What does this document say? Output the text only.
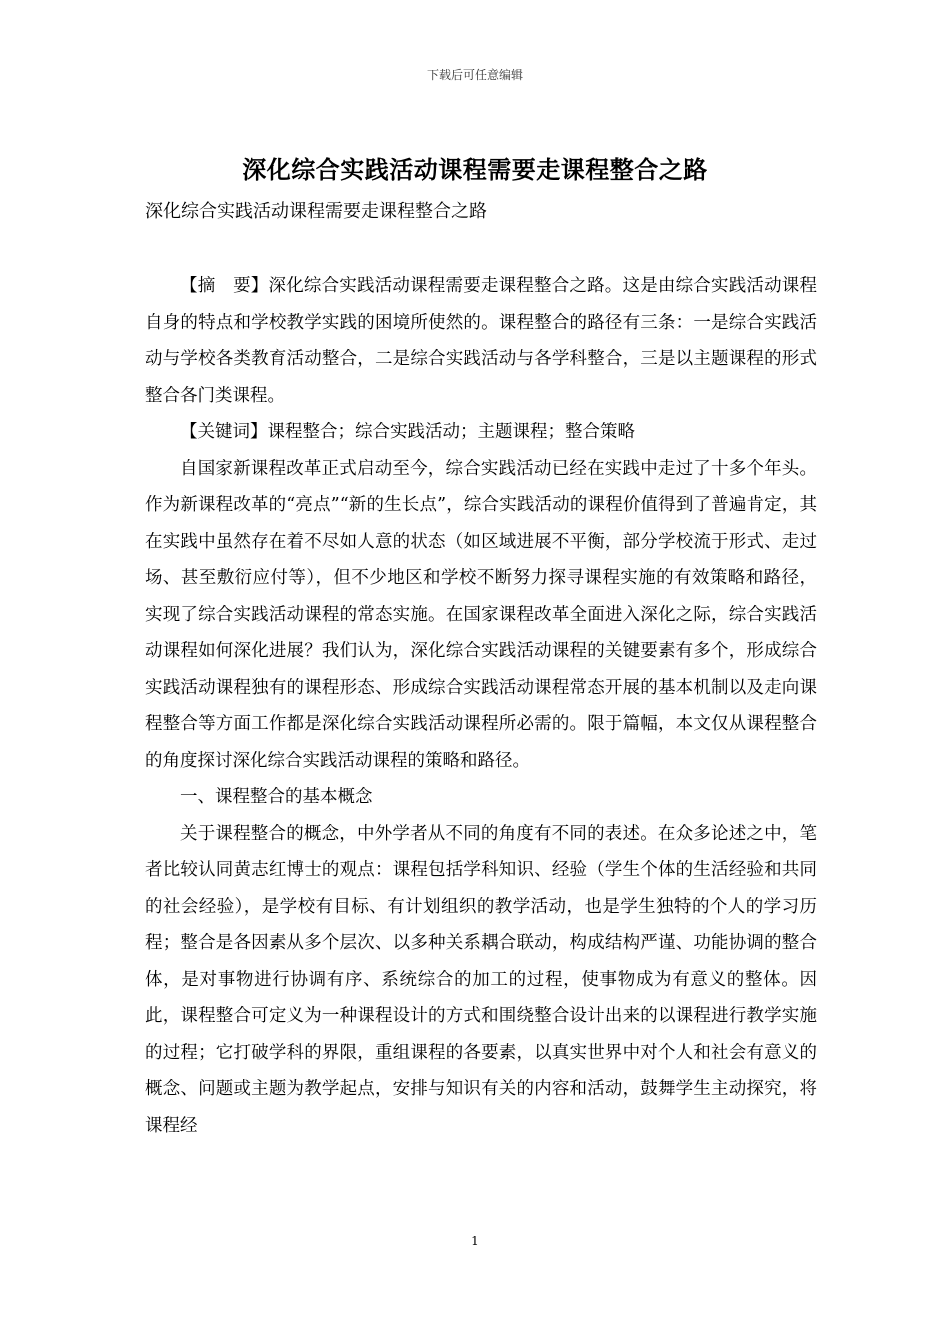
下载后可任意编辑
深化综合实践活动课程需要走课程整合之路

深化综合实践活动课程需要走课程整合之路

【摘　要】深化综合实践活动课程需要走课程整合之路。这是由综合实践活动课程自身的特点和学校教学实践的困境所使然的。课程整合的路径有三条：一是综合实践活动与学校各类教育活动整合，二是综合实践活动与各学科整合，三是以主题课程的形式整合各门类课程。

【关键词】课程整合；综合实践活动；主题课程；整合策略

自国家新课程改革正式启动至今，综合实践活动已经在实践中走过了十多个年头。作为新课程改革的“亮点”“新的生长点”，综合实践活动的课程价值得到了普遍肯定，其在实践中虽然存在着不尽如人意的状态（如区域进展不平衡，部分学校流于形式、走过场、甚至敷衍应付等），但不少地区和学校不断努力探寻课程实施的有效策略和路径，实现了综合实践活动课程的常态实施。在国家课程改革全面进入深化之际，综合实践活动课程如何深化进展？我们认为，深化综合实践活动课程的关键要素有多个，形成综合实践活动课程独有的课程形态、形成综合实践活动课程常态开展的基本机制以及走向课程整合等方面工作都是深化综合实践活动课程所必需的。限于篇幅，本文仅从课程整合的角度探讨深化综合实践活动课程的策略和路径。

一、课程整合的基本概念

关于课程整合的概念，中外学者从不同的角度有不同的表述。在众多论述之中，笔者比较认同黄志红博士的观点：课程包括学科知识、经验（学生个体的生活经验和共同的社会经验），是学校有目标、有计划组织的教学活动，也是学生独特的个人的学习历程；整合是各因素从多个层次、以多种关系耦合联动，构成结构严谨、功能协调的整合体，是对事物进行协调有序、系统综合的加工的过程，使事物成为有意义的整体。因此，课程整合可定义为一种课程设计的方式和围绕整合设计出来的以课程进行教学实施的过程；它打破学科的界限，重组课程的各要素，以真实世界中对个人和社会有意义的概念、问题或主题为教学起点，安排与知识有关的内容和活动，鼓舞学生主动探究，将课程经

1
